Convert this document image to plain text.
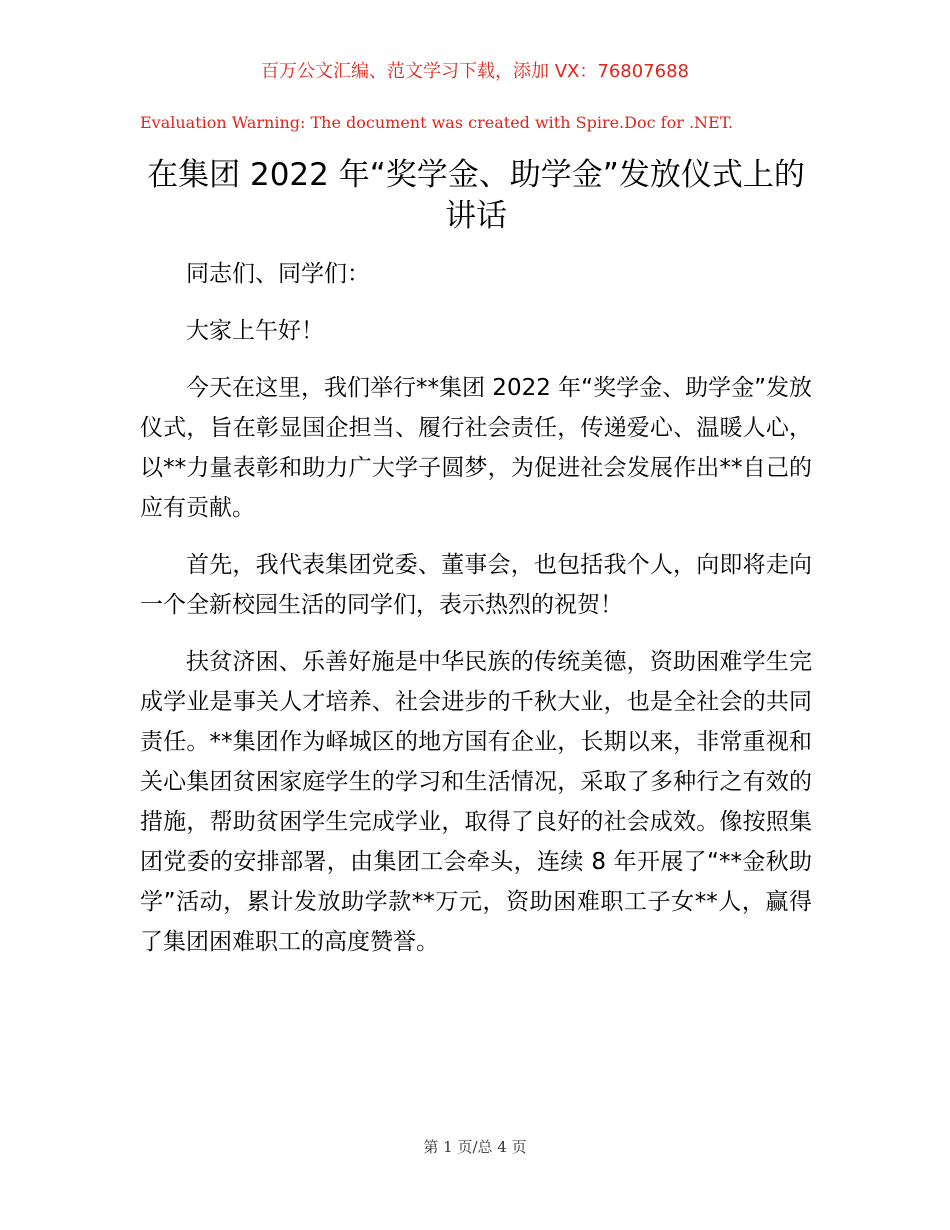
百万公文汇编、范文学习下载，添加 VX：76807688
Evaluation Warning: The document was created with Spire.Doc for .NET.
在集团 2022 年“奖学金、助学金”发放仪式上的讲话

同志们、同学们：

大家上午好！

今天在这里，我们举行**集团 2022 年“奖学金、助学金”发放仪式，旨在彰显国企担当、履行社会责任，传递爱心、温暖人心，以**力量表彰和助力广大学子圆梦，为促进社会发展作出**自己的应有贡献。

首先，我代表集团党委、董事会，也包括我个人，向即将走向一个全新校园生活的同学们，表示热烈的祝贺！

扶贫济困、乐善好施是中华民族的传统美德，资助困难学生完成学业是事关人才培养、社会进步的千秋大业，也是全社会的共同责任。**集团作为峄城区的地方国有企业，长期以来，非常重视和关心集团贫困家庭学生的学习和生活情况，采取了多种行之有效的措施，帮助贫困学生完成学业，取得了良好的社会成效。像按照集团党委的安排部署，由集团工会牵头，连续 8 年开展了“**金秋助学”活动，累计发放助学款**万元，资助困难职工子女**人，赢得了集团困难职工的高度赞誉。

第 1 页/总 4 页
